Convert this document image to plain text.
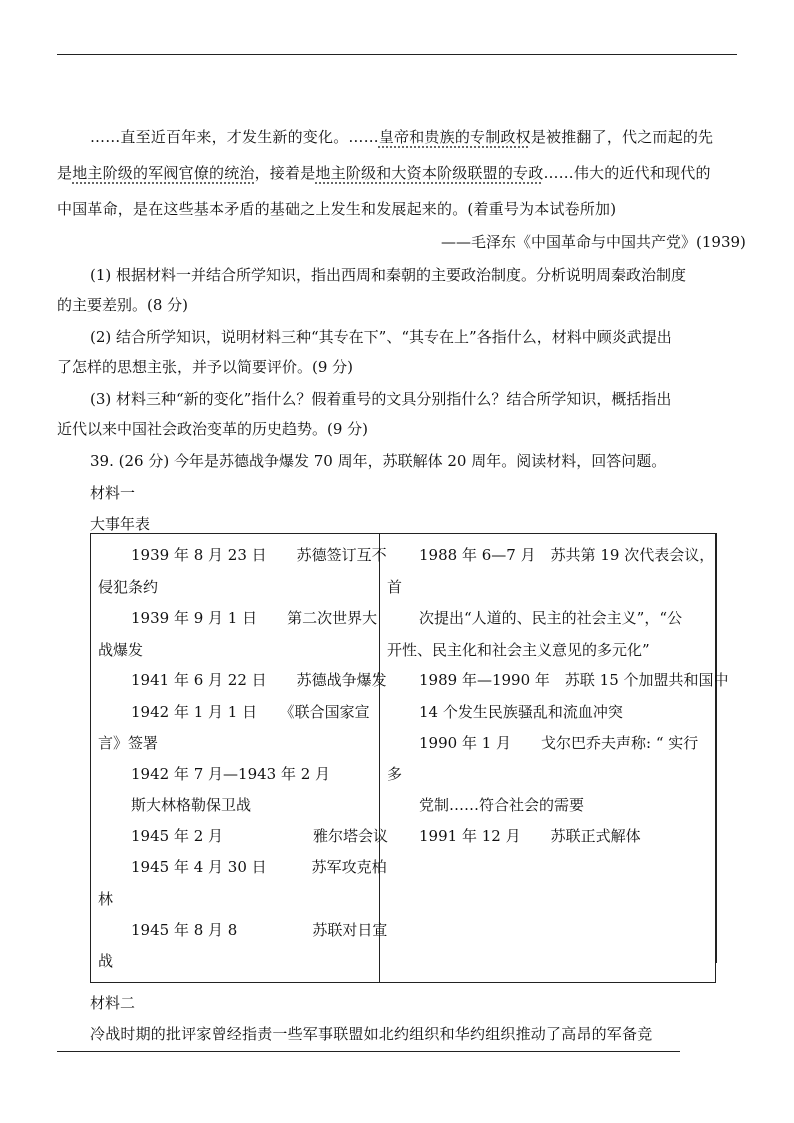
……直至近百年来，才发生新的变化。……皇帝和贵族的专制政权是被推翻了，代之而起的先
是地主阶级的军阀官僚的统治，接着是地主阶级和大资本阶级联盟的专政……伟大的近代和现代的
中国革命，是在这些基本矛盾的基础之上发生和发展起来的。(着重号为本试卷所加)
——毛泽东《中国革命与中国共产党》(1939)
(1) 根据材料一并结合所学知识，指出西周和秦朝的主要政治制度。分析说明周秦政治制度
的主要差别。(8 分)
(2) 结合所学知识，说明材料三种“其专在下”、“其专在上”各指什么，材料中顾炎武提出
了怎样的思想主张，并予以简要评价。(9 分)
(3) 材料三种“新的变化”指什么？假着重号的文具分别指什么？结合所学知识，概括指出
近代以来中国社会政治变革的历史趋势。(9 分)
39. (26 分) 今年是苏德战争爆发 70 周年，苏联解体 20 周年。阅读材料，回答问题。
材料一
大事年表
1939 年 8 月 23 日　　苏德签订互不
侵犯条约
1939 年 9 月 1 日　　第二次世界大
战爆发
1941 年 6 月 22 日　　苏德战争爆发
1942 年 1 月 1 日　　《联合国家宣
言》签署
1942 年 7 月—1943 年 2 月
斯大林格勒保卫战
1945 年 2 月　　　　　　雅尔塔会议
1945 年 4 月 30 日　　　苏军攻克柏
林
1945 年 8 月 8　　　　　苏联对日宣
战
1988 年 6—7 月　苏共第 19 次代表会议，
首
次提出“人道的、民主的社会主义”，“公
开性、民主化和社会主义意见的多元化”
1989 年—1990 年　苏联 15 个加盟共和国中
14 个发生民族骚乱和流血冲突
1990 年 1 月　　戈尔巴乔夫声称: “ 实行
多
党制……符合社会的需要
1991 年 12 月　　苏联正式解体
材料二
冷战时期的批评家曾经指责一些军事联盟如北约组织和华约组织推动了高昂的军备竞
